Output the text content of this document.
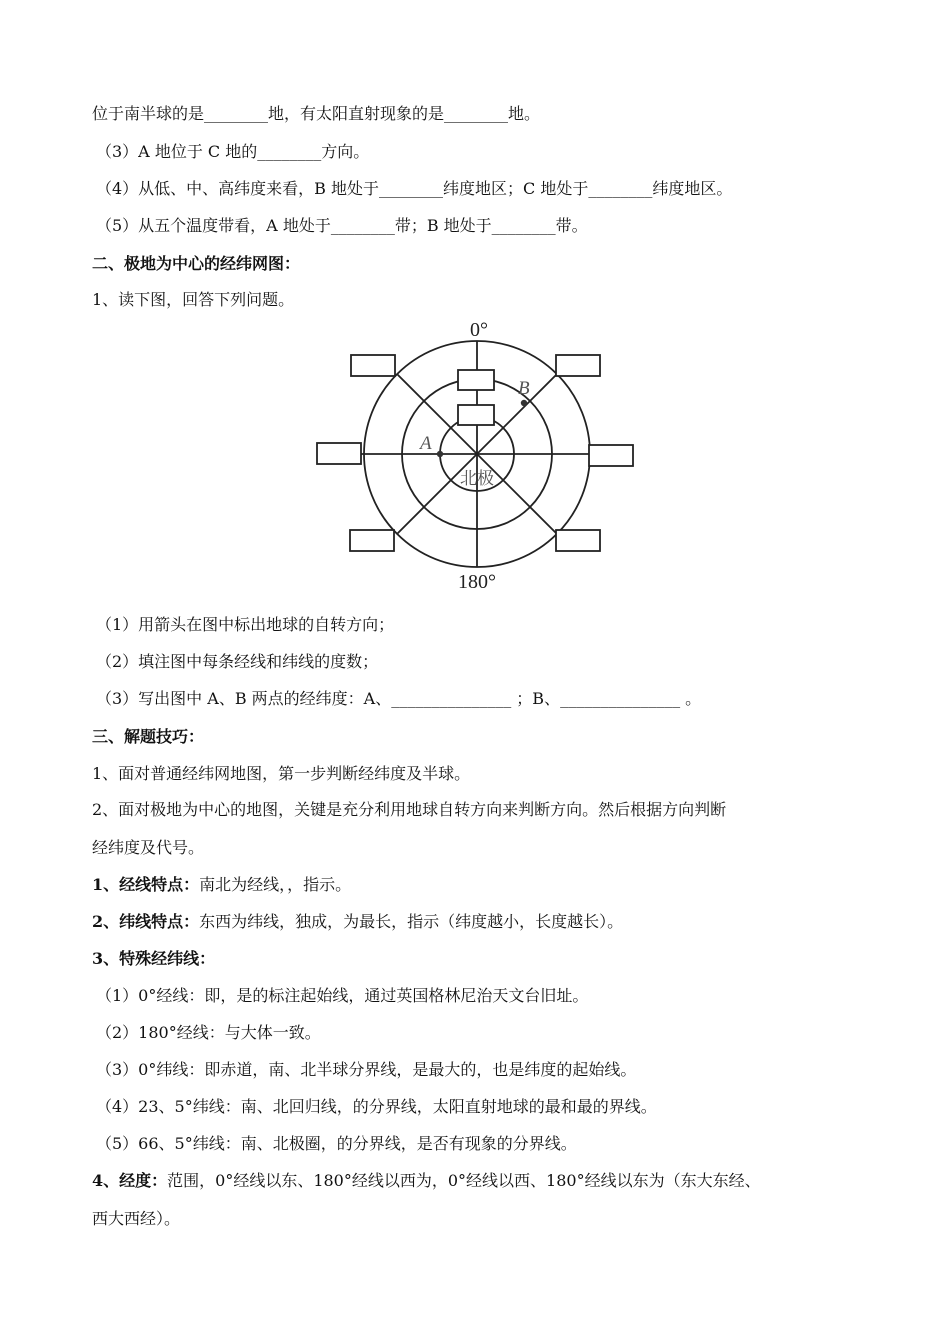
位于南半球的是________地，有太阳直射现象的是________地。
（3）A 地位于 C 地的________方向。
（4）从低、中、高纬度来看，B 地处于________纬度地区；C 地处于________纬度地区。
（5）从五个温度带看，A 地处于________带；B 地处于________带。
二、极地为中心的经纬网图：
1、读下图，回答下列问题。
0°
180°
A
B
北极
（1）用箭头在图中标出地球的自转方向；
（2）填注图中每条经线和纬线的度数；
（3）写出图中 A、B 两点的经纬度：A、_______________ ；B、_______________ 。
三、解题技巧：
1、面对普通经纬网地图，第一步判断经纬度及半球。
2、面对极地为中心的地图，关键是充分利用地球自转方向来判断方向。然后根据方向判断
经纬度及代号。
1、经线特点：南北为经线，，指示。
2、纬线特点：东西为纬线，独成，为最长，指示（纬度越小，长度越长）。
3、特殊经纬线：
（1）0°经线：即，是的标注起始线，通过英国格林尼治天文台旧址。
（2）180°经线：与大体一致。
（3）0°纬线：即赤道，南、北半球分界线，是最大的，也是纬度的起始线。
（4）23、5°纬线：南、北回归线，的分界线，太阳直射地球的最和最的界线。
（5）66、5°纬线：南、北极圈，的分界线，是否有现象的分界线。
4、经度：范围，0°经线以东、180°经线以西为，0°经线以西、180°经线以东为（东大东经、
西大西经）。
